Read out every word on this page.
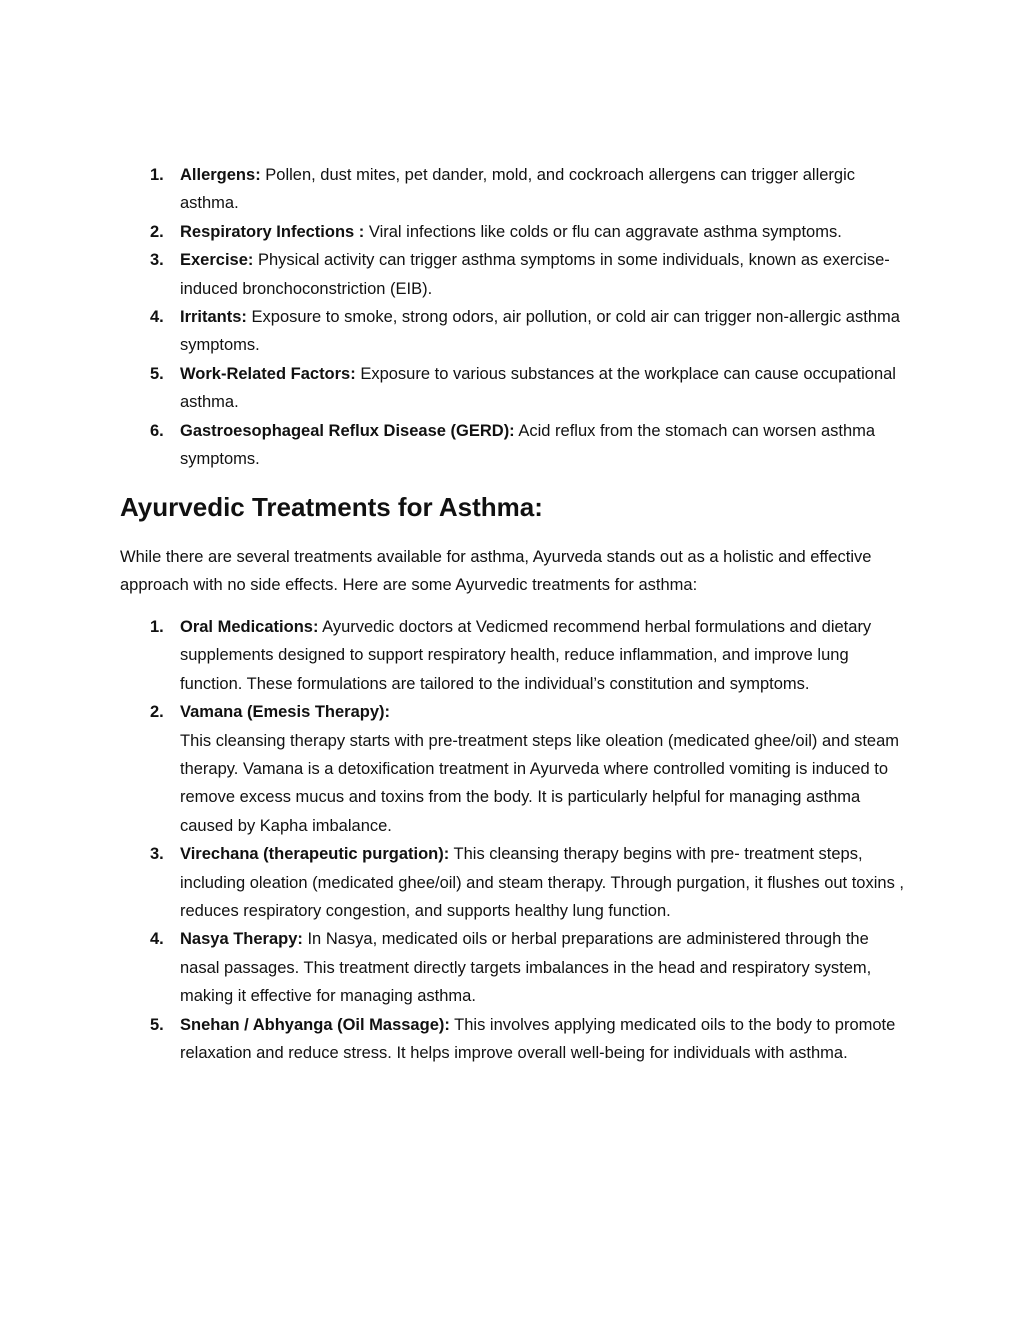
1. Allergens: Pollen, dust mites, pet dander, mold, and cockroach allergens can trigger allergic asthma.
2. Respiratory Infections : Viral infections like colds or flu can aggravate asthma symptoms.
3. Exercise: Physical activity can trigger asthma symptoms in some individuals, known as exercise-induced bronchoconstriction (EIB).
4. Irritants: Exposure to smoke, strong odors, air pollution, or cold air can trigger non-allergic asthma symptoms.
5. Work-Related Factors: Exposure to various substances at the workplace can cause occupational asthma.
6. Gastroesophageal Reflux Disease (GERD): Acid reflux from the stomach can worsen asthma symptoms.
Ayurvedic Treatments for Asthma:

While there are several treatments available for asthma, Ayurveda stands out as a holistic and effective approach with no side effects. Here are some Ayurvedic treatments for asthma:

1. Oral Medications: Ayurvedic doctors at Vedicmed recommend herbal formulations and dietary supplements designed to support respiratory health, reduce inflammation, and improve lung function. These formulations are tailored to the individual’s constitution and symptoms.
2. Vamana (Emesis Therapy):
This cleansing therapy starts with pre-treatment steps like oleation (medicated ghee/oil) and steam therapy. Vamana is a detoxification treatment in Ayurveda where controlled vomiting is induced to remove excess mucus and toxins from the body. It is particularly helpful for managing asthma caused by Kapha imbalance.
3. Virechana (therapeutic purgation): This cleansing therapy begins with pre- treatment steps, including oleation (medicated ghee/oil) and steam therapy. Through purgation, it flushes out toxins , reduces respiratory congestion, and supports healthy lung function.
4. Nasya Therapy: In Nasya, medicated oils or herbal preparations are administered through the nasal passages. This treatment directly targets imbalances in the head and respiratory system, making it effective for managing asthma.
5. Snehan / Abhyanga (Oil Massage): This involves applying medicated oils to the body to promote relaxation and reduce stress. It helps improve overall well-being for individuals with asthma.
